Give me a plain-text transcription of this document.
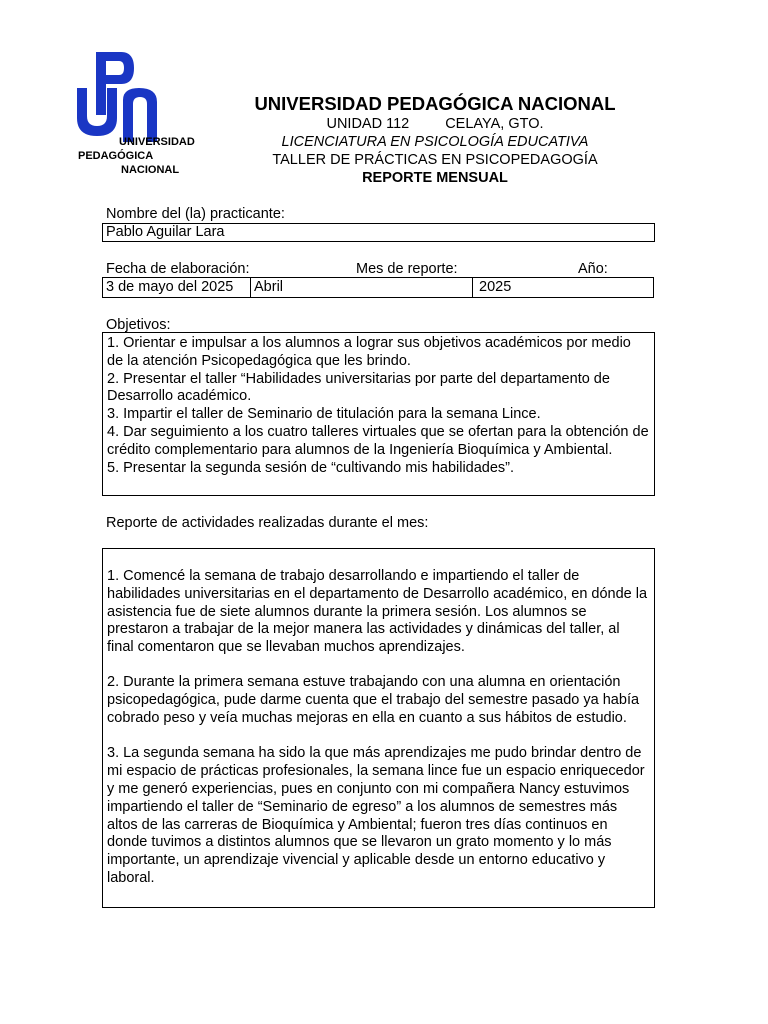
UNIVERSIDAD
PEDAGÓGICA
NACIONAL
UNIVERSIDAD PEDAGÓGICA NACIONAL
UNIDAD 112 CELAYA, GTO.
LICENCIATURA EN PSICOLOGÍA EDUCATIVA
TALLER DE PRÁCTICAS EN PSICOPEDAGOGÍA
REPORTE MENSUAL
Nombre del (la) practicante:
Pablo Aguilar Lara
Fecha de elaboración:	Mes de reporte:	Año:
3 de mayo del 2025	Abril	2025
Objetivos:

1. Orientar e impulsar a los alumnos a lograr sus objetivos académicos por medio de la atención Psicopedagógica que les brindo.

2. Presentar el taller “Habilidades universitarias por parte del departamento de Desarrollo académico.

3. Impartir el taller de Seminario de titulación para la semana Lince.

4. Dar seguimiento a los cuatro talleres virtuales que se ofertan para la obtención de crédito complementario para alumnos de la Ingeniería Bioquímica y Ambiental.

5. Presentar la segunda sesión de “cultivando mis habilidades”.

Reporte de actividades realizadas durante el mes:

1. Comencé la semana de trabajo desarrollando e impartiendo el taller de habilidades universitarias en el departamento de Desarrollo académico, en dónde la asistencia fue de siete alumnos durante la primera sesión. Los alumnos se prestaron a trabajar de la mejor manera las actividades y dinámicas del taller, al final comentaron que se llevaban muchos aprendizajes.

2. Durante la primera semana estuve trabajando con una alumna en orientación psicopedagógica, pude darme cuenta que el trabajo del semestre pasado ya había cobrado peso y veía muchas mejoras en ella en cuanto a sus hábitos de estudio.

3. La segunda semana ha sido la que más aprendizajes me pudo brindar dentro de mi espacio de prácticas profesionales, la semana lince fue un espacio enriquecedor y me generó experiencias, pues en conjunto con mi compañera Nancy estuvimos impartiendo el taller de “Seminario de egreso” a los alumnos de semestres más altos de las carreras de Bioquímica y Ambiental; fueron tres días continuos en donde tuvimos a distintos alumnos que se llevaron un grato momento y lo más importante, un aprendizaje vivencial y aplicable desde un entorno educativo y laboral.
